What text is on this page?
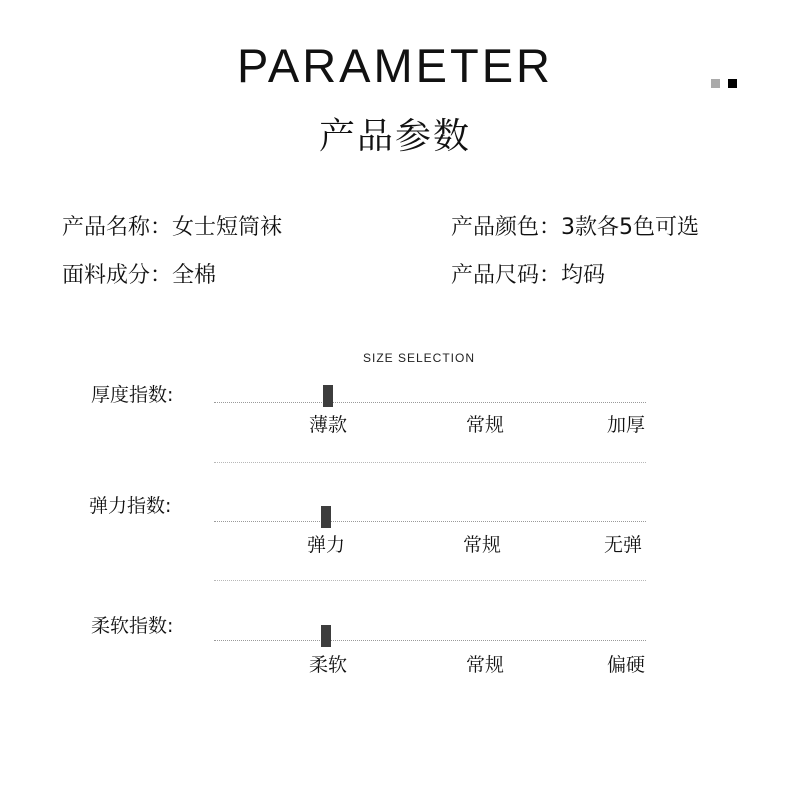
PARAMETER
产品参数
产品名称：女士短筒袜	产品颜色：3款各5色可选
面料成分：全棉	产品尺码：均码
SIZE SELECTION
厚度指数:
薄款	常规	加厚
弹力指数:
弹力	常规	无弹
柔软指数:
柔软	常规	偏硬
